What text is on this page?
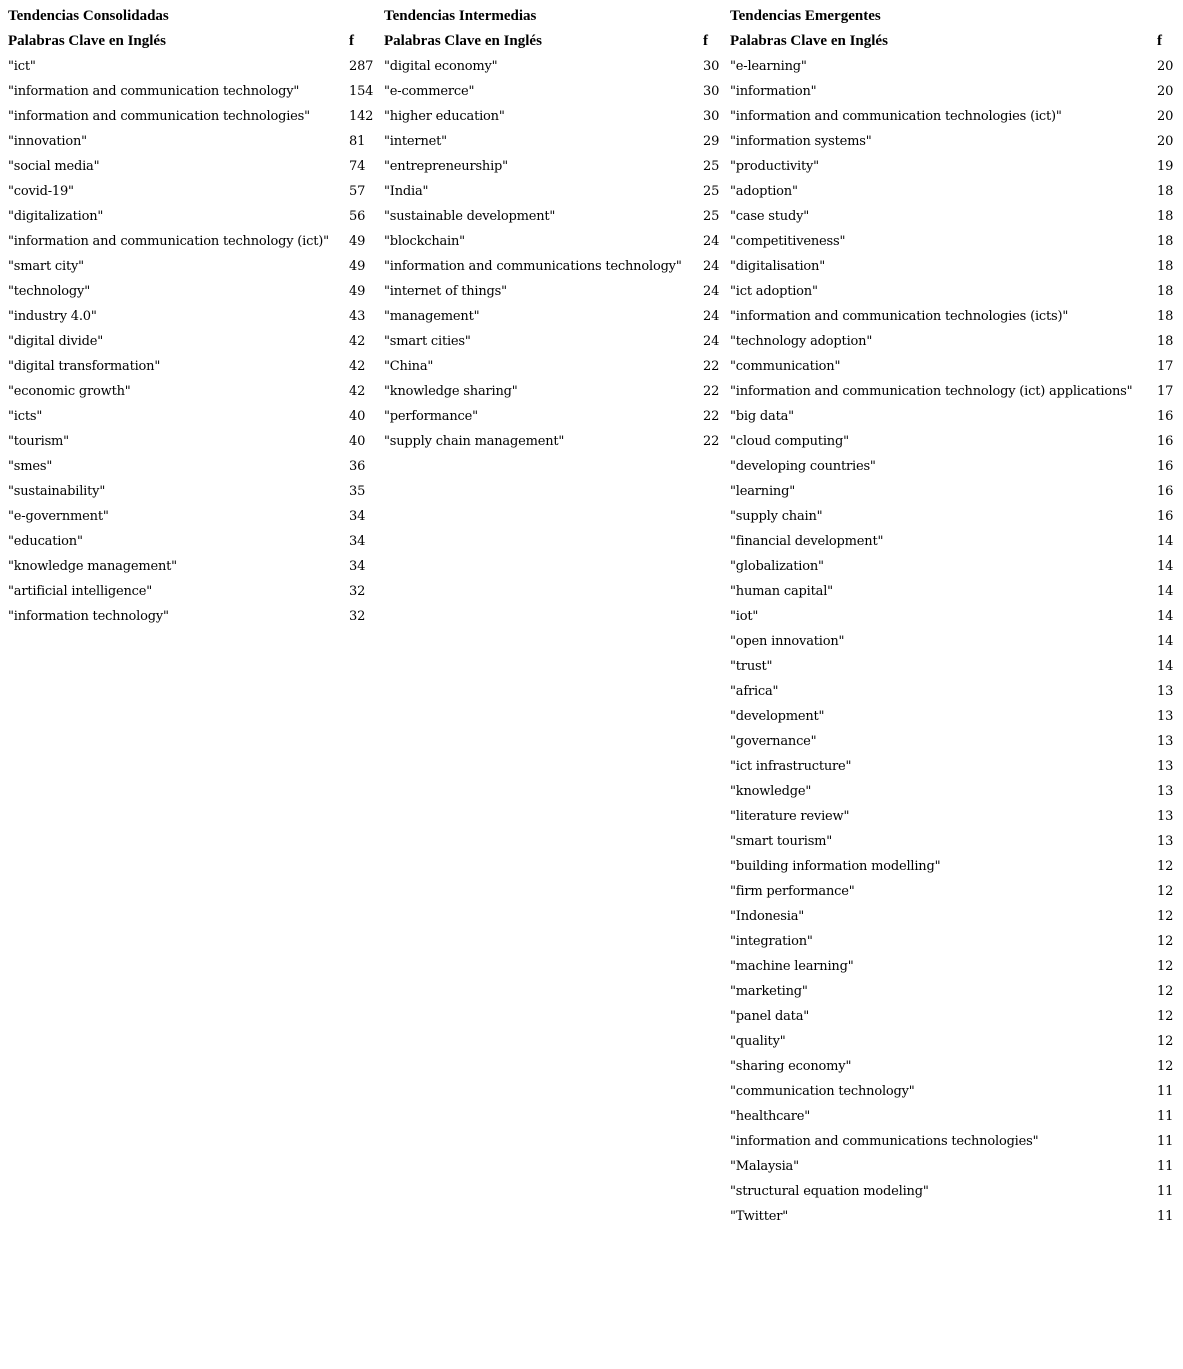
Tendencias Consolidadas
Palabras Clave en Inglés	f
"ict"	287
"information and communication technology"	154
"information and communication technologies"	142
"innovation"	81
"social media"	74
"covid-19"	57
"digitalization"	56
"information and communication technology (ict)" 49
"smart city"	49
"technology"	49
"industry 4.0"	43
"digital divide"	42
"digital transformation"	42
"economic growth"	42
"icts"	40
"tourism"	40
"smes"	36
"sustainability"	35
"e-government"	34
"education"	34
"knowledge management"	34
"artificial intelligence"	32
"information technology"	32
Tendencias Intermedias
Palabras Clave en Inglés	f
"digital economy"	30
"e-commerce"	30
"higher education"	30
"internet"	29
"entrepreneurship"	25
"India"	25
"sustainable development"	25
"blockchain"	24
"information and communications technology" 24
"internet of things"	24
"management"	24
"smart cities"	24
"China"	22
"knowledge sharing"	22
"performance"	22
"supply chain management"	22
Tendencias Emergentes
Palabras Clave en Inglés	f
"e-learning"	20
"information"	20
"information and communication technologies (ict)"	20
"information systems"	20
"productivity"	19
"adoption"	18
"case study"	18
"competitiveness"	18
"digitalisation"	18
"ict adoption"	18
"information and communication technologies (icts)"	18
"technology adoption"	18
"communication"	17
"information and communication technology (ict) applications" 17
"big data"	16
"cloud computing"	16
"developing countries"	16
"learning"	16
"supply chain"	16
"financial development"	14
"globalization"	14
"human capital"	14
"iot"	14
"open innovation"	14
"trust"	14
"africa"	13
"development"	13
"governance"	13
"ict infrastructure"	13
"knowledge"	13
"literature review"	13
"smart tourism"	13
"building information modelling"	12
"firm performance"	12
"Indonesia"	12
"integration"	12
"machine learning"	12
"marketing"	12
"panel data"	12
"quality"	12
"sharing economy"	12
"communication technology"	11
"healthcare"	11
"information and communications technologies"	11
"Malaysia"	11
"structural equation modeling"	11
"Twitter"	11
